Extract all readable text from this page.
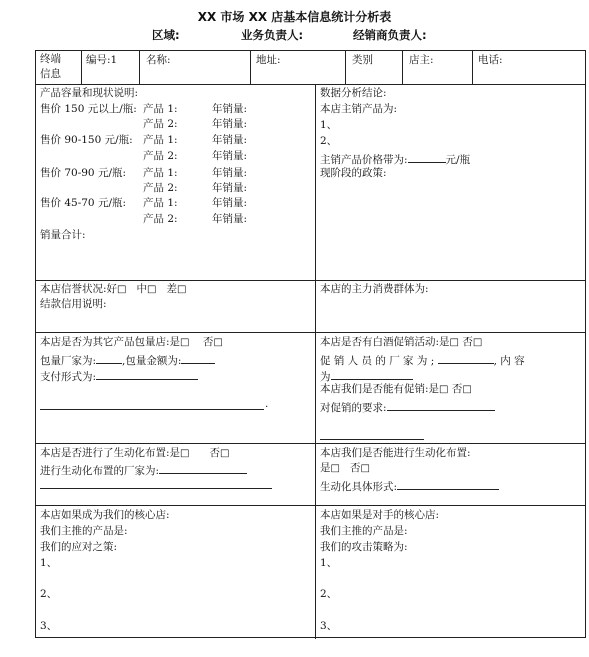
XX 市场 XX 店基本信息统计分析表
区域:	业务负责人:	经销商负责人:
终端
信息
编号:1	名称:	地址:	类别	店主:	电话:
产品容量和现状说明:
售价 150 元以上/瓶: 产品 1:	年销量:
产品 2:	年销量:
售价 90-150 元/瓶: 产品 1:	年销量:
产品 2:	年销量:
售价 70-90 元/瓶: 产品 1:	年销量:
产品 2:	年销量:
售价 45-70 元/瓶: 产品 1:	年销量:
产品 2:	年销量:
销量合计:
数据分析结论:
本店主销产品为:
1、
2、
主销产品价格带为:	元/瓶
现阶段的政策:
本店信誉状况:好□ 中□ 差□
结款信用说明:
本店的主力消费群体为:
本店是否为其它产品包量店:是□ 否□
包量厂家为: ,包量金额为:
支付形式为:
.
本店是否有白酒促销活动:是□ 否□
促 销 人 员 的 厂 家 为 ;	, 内 容
为
本店我们是否能有促销:是□ 否□
对促销的要求:
本店是否进行了生动化布置:是□ 否□
进行生动化布置的厂家为:
本店我们是否能进行生动化布置:
是□ 否□
生动化具体形式:
本店如果成为我们的核心店:
我们主推的产品是:
我们的应对之策:
1、
2、
3、
本店如果是对手的核心店:
我们主推的产品是:
我们的攻击策略为:
1、
2、
3、
